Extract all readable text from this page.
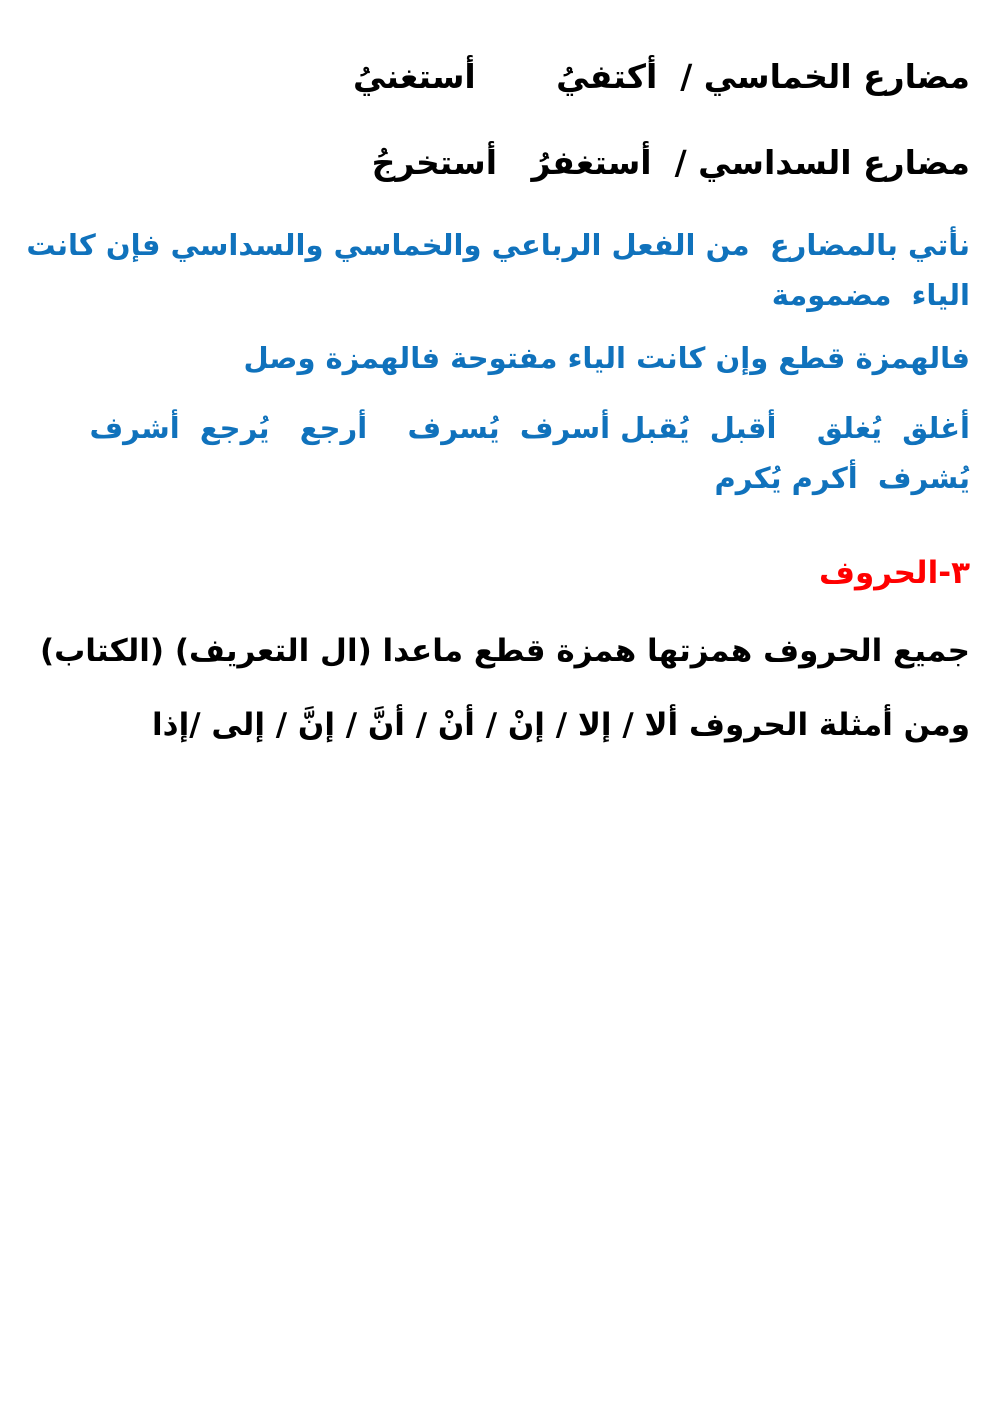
مضارع الخماسي /  أكتفيُ       أستغنيُ
مضارع السداسي /  أستغفرُ   أستخرجُ
نأتي بالمضارع  من الفعل الرباعي والخماسي والسداسي فإن كانت الياء  مضمومة
فالهمزة قطع وإن كانت الياء مفتوحة فالهمزة وصل
أغلق  يُغلق    أقبل  يُقبل أسرف  يُسرف    أرجع   يُرجع  أشرف  يُشرف  أكرم يُكرم
٣-الحروف
جميع الحروف همزتها همزة قطع ماعدا (ال التعريف) (الكتاب)
ومن أمثلة الحروف ألا / إلا / إنْ / أنْ / أنَّ / إنَّ / إلى /إذا
